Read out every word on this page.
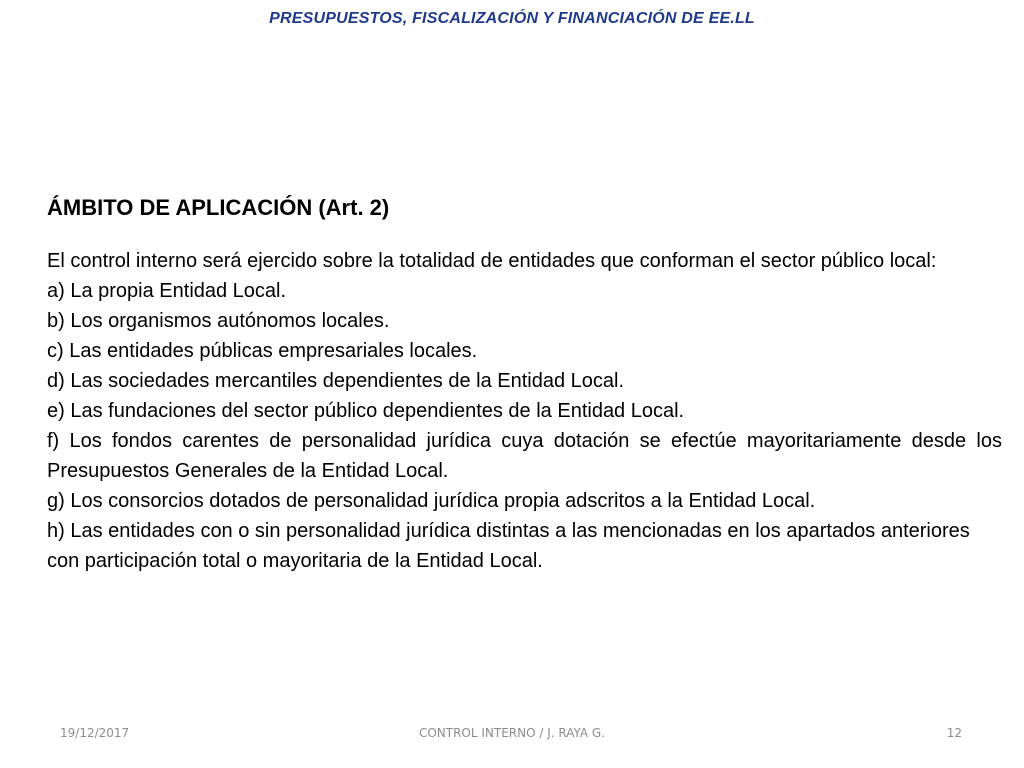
PRESUPUESTOS, FISCALIZACIÓN Y FINANCIACIÓN DE EE.LL
ÁMBITO DE APLICACIÓN (Art. 2)

El control interno será ejercido sobre la totalidad de entidades que conforman el sector público local:

a) La propia Entidad Local.

b) Los organismos autónomos locales.

c) Las entidades públicas empresariales locales.

d) Las sociedades mercantiles dependientes de la Entidad Local.

e) Las fundaciones del sector público dependientes de la Entidad Local.

f) Los fondos carentes de personalidad jurídica cuya dotación se efectúe mayoritariamente desde los Presupuestos Generales de la Entidad Local.

g) Los consorcios dotados de personalidad jurídica propia adscritos a la Entidad Local.

h) Las entidades con o sin personalidad jurídica distintas a las mencionadas en los apartados anteriores con participación total o mayoritaria de la Entidad Local.

19/12/2017	CONTROL INTERNO / J. RAYA G.	12
